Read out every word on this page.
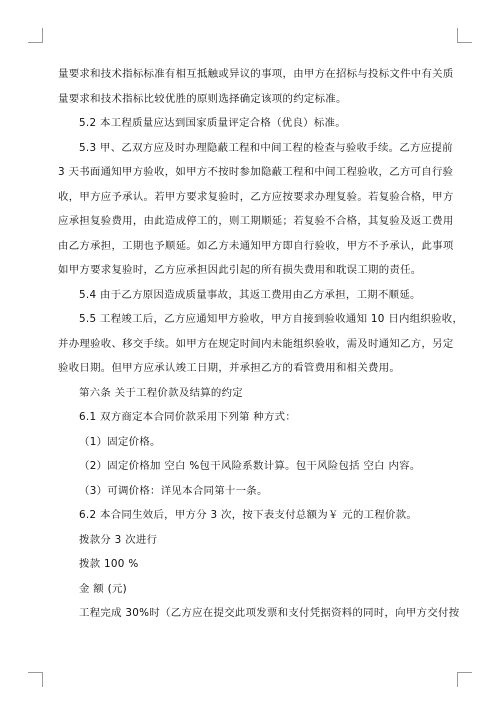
量要求和技术指标标准有相互抵触或异议的事项，由甲方在招标与投标文件中有关质
量要求和技术指标比较优胜的原则选择确定该项的约定标准。
5.2 本工程质量应达到国家质量评定合格（优良）标准。
5.3 甲、乙双方应及时办理隐蔽工程和中间工程的检查与验收手续。乙方应提前
3 天书面通知甲方验收，如甲方不按时参加隐蔽工程和中间工程验收，乙方可自行验
收，甲方应予承认。若甲方要求复验时，乙方应按要求办理复验。若复验合格，甲方
应承担复验费用，由此造成停工的，则工期顺延；若复验不合格，其复验及返工费用
由乙方承担，工期也予顺延。如乙方未通知甲方即自行验收，甲方不予承认，此事项
如甲方要求复验时，乙方应承担因此引起的所有损失费用和耽误工期的责任。
5.4 由于乙方原因造成质量事故，其返工费用由乙方承担，工期不顺延。
5.5 工程竣工后，乙方应通知甲方验收，甲方自接到验收通知 10 日内组织验收，
并办理验收、移交手续。如甲方在规定时间内未能组织验收，需及时通知乙方，另定
验收日期。但甲方应承认竣工日期，并承担乙方的看管费用和相关费用。
第六条 关于工程价款及结算的约定
6.1 双方商定本合同价款采用下列第 种方式：
（1）固定价格。
（2）固定价格加 空白 %包干风险系数计算。包干风险包括 空白 内容。
（3）可调价格：详见本合同第十一条。
6.2 本合同生效后，甲方分 3 次，按下表支付总额为￥ 元的工程价款。
拨款分 3 次进行
拨款 100 %
金 额 (元)
工程完成 30%时（乙方应在提交此项发票和支付凭据资料的同时，向甲方交付按
